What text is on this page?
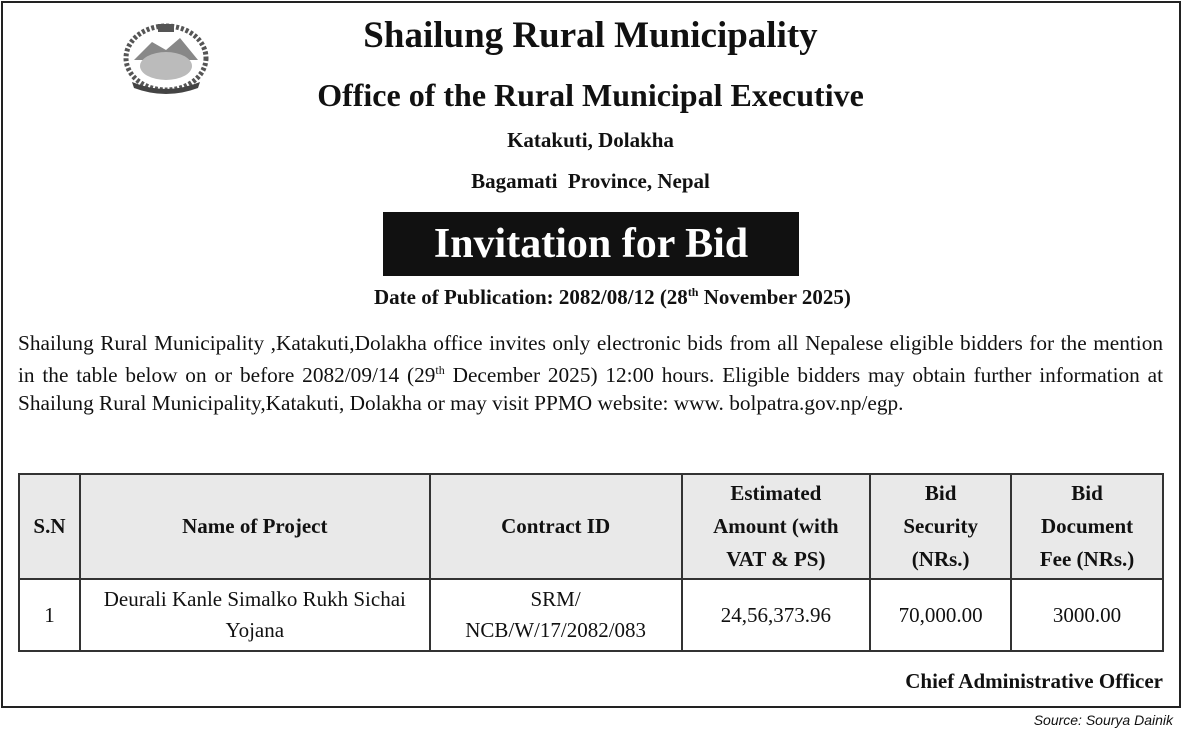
Shailung Rural Municipality
Office of the Rural Municipal Executive
Katakuti, Dolakha
Bagamati  Province, Nepal
Invitation for Bid
Date of Publication: 2082/08/12 (28th November 2025)
Shailung Rural Municipality ,Katakuti,Dolakha office invites only electronic bids from all Nepalese eligible bidders for the mention in the table below on or before 2082/09/14 (29th December 2025) 12:00 hours. Eligible bidders may obtain further information at Shailung Rural Municipality,Katakuti, Dolakha or may visit PPMO website: www. bolpatra.gov.np/egp.
S.N	Name of Project	Contract ID	Estimated Amount (with VAT & PS)	Bid Security (NRs.)	Bid Document Fee (NRs.)
1	Deurali Kanle Simalko Rukh Sichai Yojana	SRM/ NCB/W/17/2082/083	24,56,373.96	70,000.00	3000.00
Chief Administrative Officer
Source: Sourya Dainik
